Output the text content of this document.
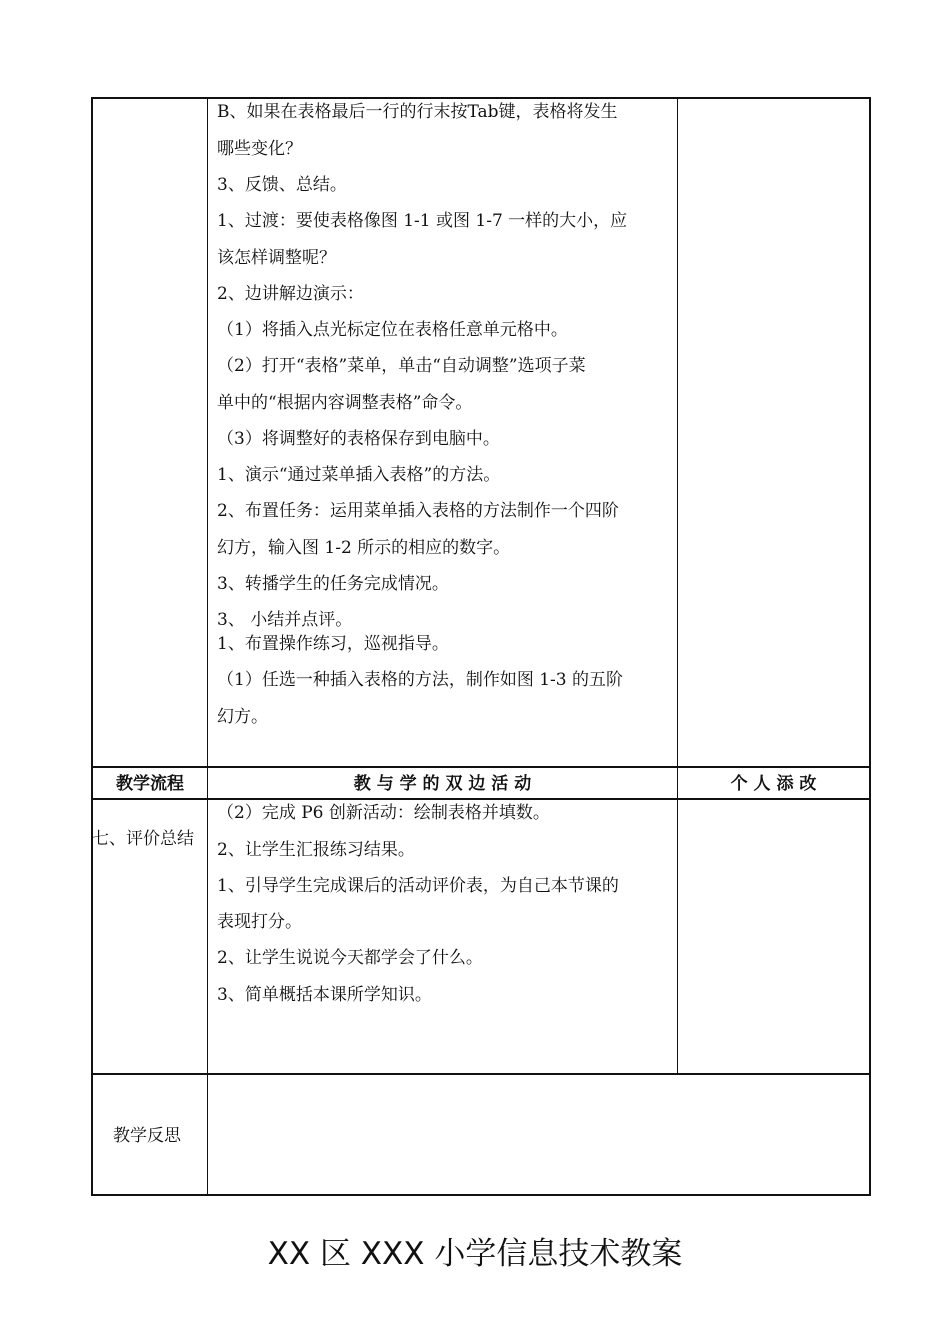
B、如果在表格最后一行的行末按Tab键，表格将发生
哪些变化？
3、反馈、总结。
1、过渡：要使表格像图 1-1 或图 1-7 一样的大小，应
该怎样调整呢？
2、边讲解边演示：
（1）将插入点光标定位在表格任意单元格中。
（2）打开“表格”菜单，单击“自动调整”选项子菜
单中的“根据内容调整表格”命令。
（3）将调整好的表格保存到电脑中。
1、演示“通过菜单插入表格”的方法。
2、布置任务：运用菜单插入表格的方法制作一个四阶
幻方，输入图 1-2 所示的相应的数字。
3、转播学生的任务完成情况。
3、 小结并点评。
1、布置操作练习，巡视指导。
（1）任选一种插入表格的方法，制作如图 1-3 的五阶
幻方。
教学流程	教 与 学 的 双 边 活 动	个 人 添 改
七、评价总结
（2）完成 P6 创新活动：绘制表格并填数。
2、让学生汇报练习结果。
1、引导学生完成课后的活动评价表，为自己本节课的
表现打分。
2、让学生说说今天都学会了什么。
3、简单概括本课所学知识。
教学反思
XX 区 XXX 小学信息技术教案
